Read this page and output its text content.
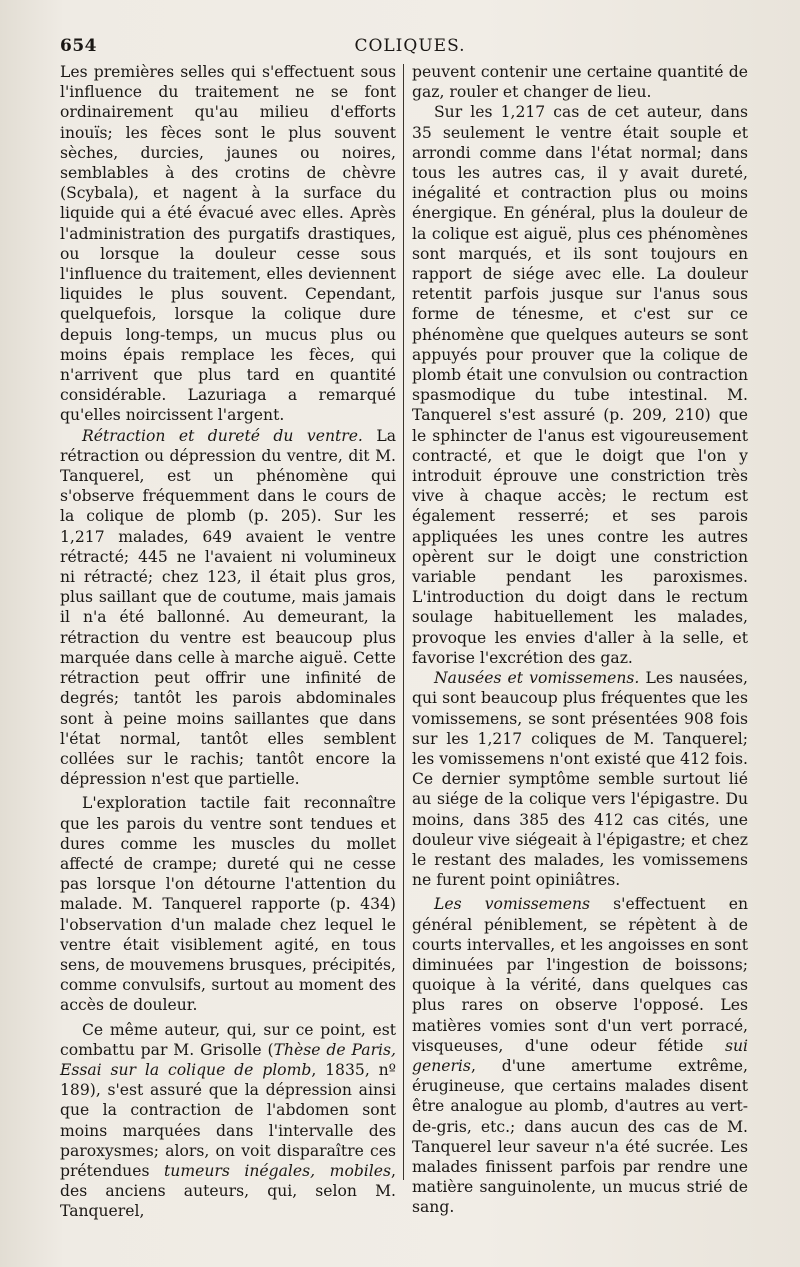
654	COLIQUES.

Les premières selles qui s'effectuent sous l'influence du traitement ne se font ordinairement qu'au milieu d'efforts inouïs; les fèces sont le plus souvent sèches, durcies, jaunes ou noires, semblables à des crotins de chèvre (Scybala), et nagent à la surface du liquide qui a été évacué avec elles. Après l'administration des purgatifs drastiques, ou lorsque la douleur cesse sous l'influence du traitement, elles deviennent liquides le plus souvent. Cependant, quelquefois, lorsque la colique dure depuis long-temps, un mucus plus ou moins épais remplace les fèces, qui n'arrivent que plus tard en quantité considérable. Lazuriaga a remarqué qu'elles noircissent l'argent.

Rétraction et dureté du ventre. La rétraction ou dépression du ventre, dit M. Tanquerel, est un phénomène qui s'observe fréquemment dans le cours de la colique de plomb (p. 205). Sur les 1,217 malades, 649 avaient le ventre rétracté; 445 ne l'avaient ni volumineux ni rétracté; chez 123, il était plus gros, plus saillant que de coutume, mais jamais il n'a été ballonné. Au demeurant, la rétraction du ventre est beaucoup plus marquée dans celle à marche aiguë. Cette rétraction peut offrir une infinité de degrés; tantôt les parois abdominales sont à peine moins saillantes que dans l'état normal, tantôt elles semblent collées sur le rachis; tantôt encore la dépression n'est que partielle.

L'exploration tactile fait reconnaître que les parois du ventre sont tendues et dures comme les muscles du mollet affecté de crampe; dureté qui ne cesse pas lorsque l'on détourne l'attention du malade. M. Tanquerel rapporte (p. 434) l'observation d'un malade chez lequel le ventre était visiblement agité, en tous sens, de mouvemens brusques, précipités, comme convulsifs, surtout au moment des accès de douleur.

Ce même auteur, qui, sur ce point, est combattu par M. Grisolle (Thèse de Paris, Essai sur la colique de plomb, 1835, nº 189), s'est assuré que la dépression ainsi que la contraction de l'abdomen sont moins marquées dans l'intervalle des paroxysmes; alors, on voit disparaître ces prétendues tumeurs inégales, mobiles, des anciens auteurs, qui, selon M. Tanquerel,

peuvent contenir une certaine quantité de gaz, rouler et changer de lieu.

Sur les 1,217 cas de cet auteur, dans 35 seulement le ventre était souple et arrondi comme dans l'état normal; dans tous les autres cas, il y avait dureté, inégalité et contraction plus ou moins énergique. En général, plus la douleur de la colique est aiguë, plus ces phénomènes sont marqués, et ils sont toujours en rapport de siége avec elle. La douleur retentit parfois jusque sur l'anus sous forme de ténesme, et c'est sur ce phénomène que quelques auteurs se sont appuyés pour prouver que la colique de plomb était une convulsion ou contraction spasmodique du tube intestinal. M. Tanquerel s'est assuré (p. 209, 210) que le sphincter de l'anus est vigoureusement contracté, et que le doigt que l'on y introduit éprouve une constriction très vive à chaque accès; le rectum est également resserré; et ses parois appliquées les unes contre les autres opèrent sur le doigt une constriction variable pendant les paroxismes. L'introduction du doigt dans le rectum soulage habituellement les malades, provoque les envies d'aller à la selle, et favorise l'excrétion des gaz.

Nausées et vomissemens. Les nausées, qui sont beaucoup plus fréquentes que les vomissemens, se sont présentées 908 fois sur les 1,217 coliques de M. Tanquerel; les vomissemens n'ont existé que 412 fois. Ce dernier symptôme semble surtout lié au siége de la colique vers l'épigastre. Du moins, dans 385 des 412 cas cités, une douleur vive siégeait à l'épigastre; et chez le restant des malades, les vomissemens ne furent point opiniâtres.

Les vomissemens s'effectuent en général péniblement, se répètent à de courts intervalles, et les angoisses en sont diminuées par l'ingestion de boissons; quoique à la vérité, dans quelques cas plus rares on observe l'opposé. Les matières vomies sont d'un vert porracé, visqueuses, d'une odeur fétide sui generis, d'une amertume extrême, érugineuse, que certains malades disent être analogue au plomb, d'autres au vert-de-gris, etc.; dans aucun des cas de M. Tanquerel leur saveur n'a été sucrée. Les malades finissent parfois par rendre une matière sanguinolente, un mucus strié de sang.
